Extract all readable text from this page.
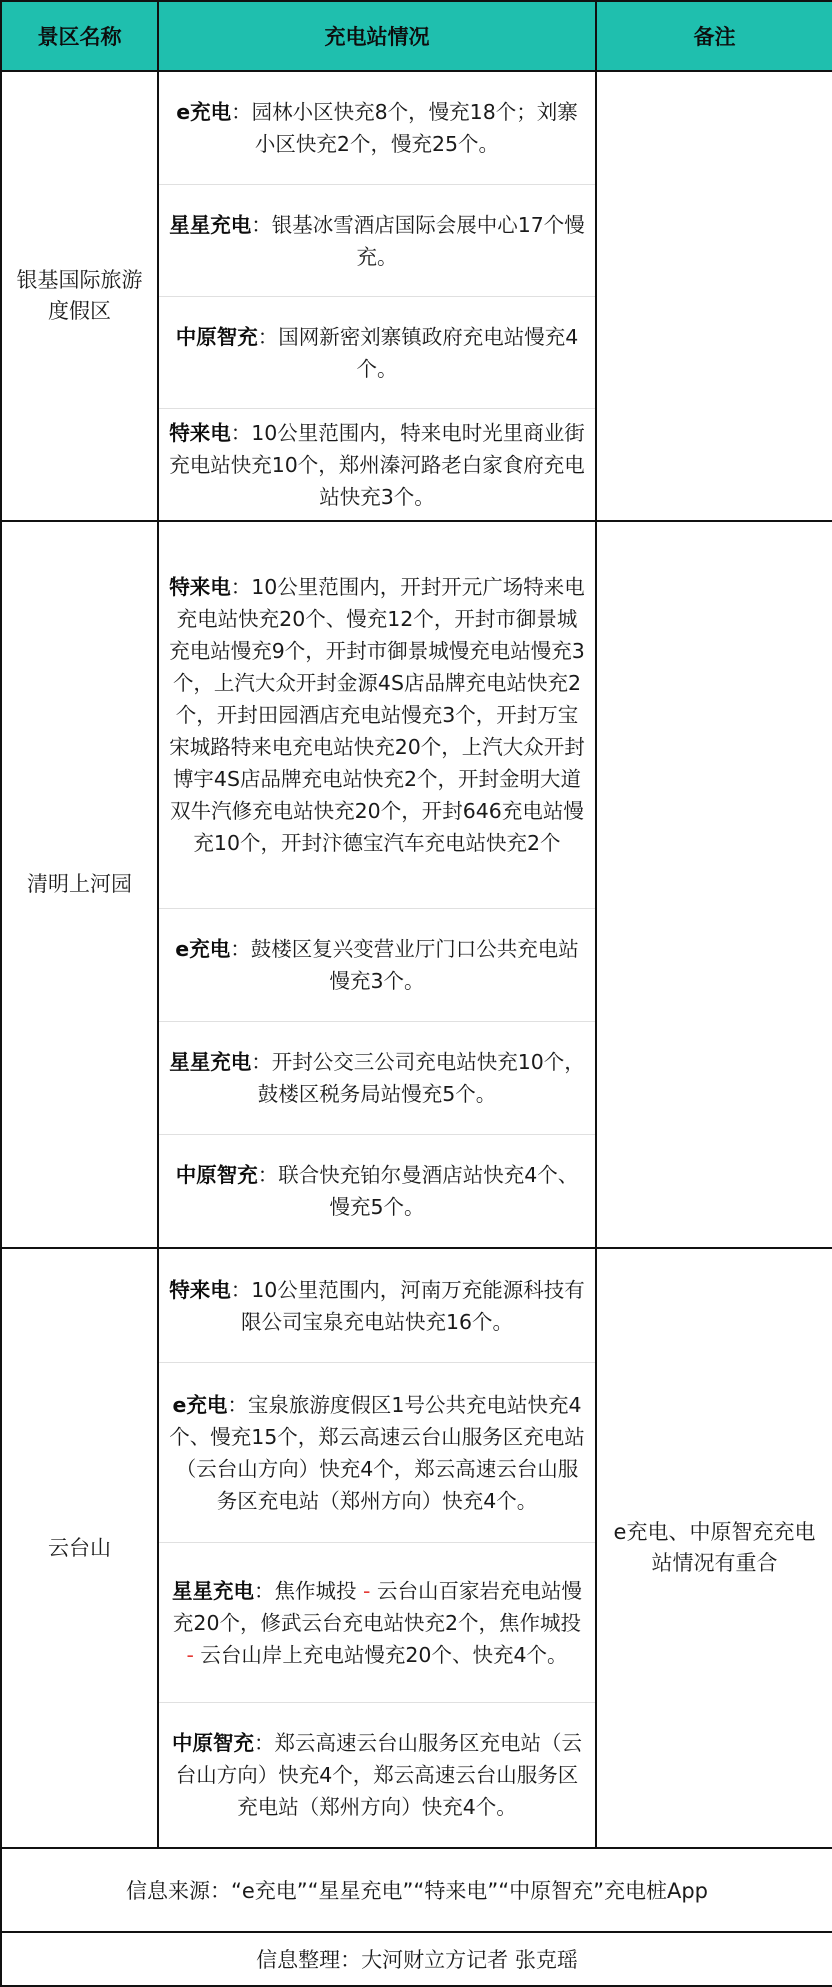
景区名称	充电站情况	备注
银基国际旅游度假区	e充电：园林小区快充8个，慢充18个；刘寨小区快充2个，慢充25个。
星星充电：银基冰雪酒店国际会展中心17个慢充。
中原智充：国网新密刘寨镇政府充电站慢充4个。
特来电：10公里范围内，特来电时光里商业街充电站快充10个，郑州溱河路老白家食府充电站快充3个。	

清明上河园	特来电：10公里范围内，开封开元广场特来电充电站快充20个、慢充12个，开封市御景城充电站慢充9个，开封市御景城慢充电站慢充3个，上汽大众开封金源4S店品牌充电站快充2个，开封田园酒店充电站慢充3个，开封万宝宋城路特来电充电站快充20个，上汽大众开封博宇4S店品牌充电站快充2个，开封金明大道双牛汽修充电站快充20个，开封646充电站慢充10个，开封汴德宝汽车充电站快充2个
e充电：鼓楼区复兴变营业厅门口公共充电站慢充3个。
星星充电：开封公交三公司充电站快充10个，鼓楼区税务局站慢充5个。
中原智充：联合快充铂尔曼酒店站快充4个、慢充5个。	

云台山	特来电：10公里范围内，河南万充能源科技有限公司宝泉充电站快充16个。
e充电：宝泉旅游度假区1号公共充电站快充4个、慢充15个，郑云高速云台山服务区充电站（云台山方向）快充4个，郑云高速云台山服务区充电站（郑州方向）快充4个。
星星充电：焦作城投 - 云台山百家岩充电站慢充20个，修武云台充电站快充2个，焦作城投 - 云台山岸上充电站慢充20个、快充4个。
中原智充：郑云高速云台山服务区充电站（云台山方向）快充4个，郑云高速云台山服务区充电站（郑州方向）快充4个。	e充电、中原智充充电站情况有重合
信息来源：“e充电”“星星充电”“特来电”“中原智充”充电桩App		
信息整理：大河财立方记者 张克瑶		
